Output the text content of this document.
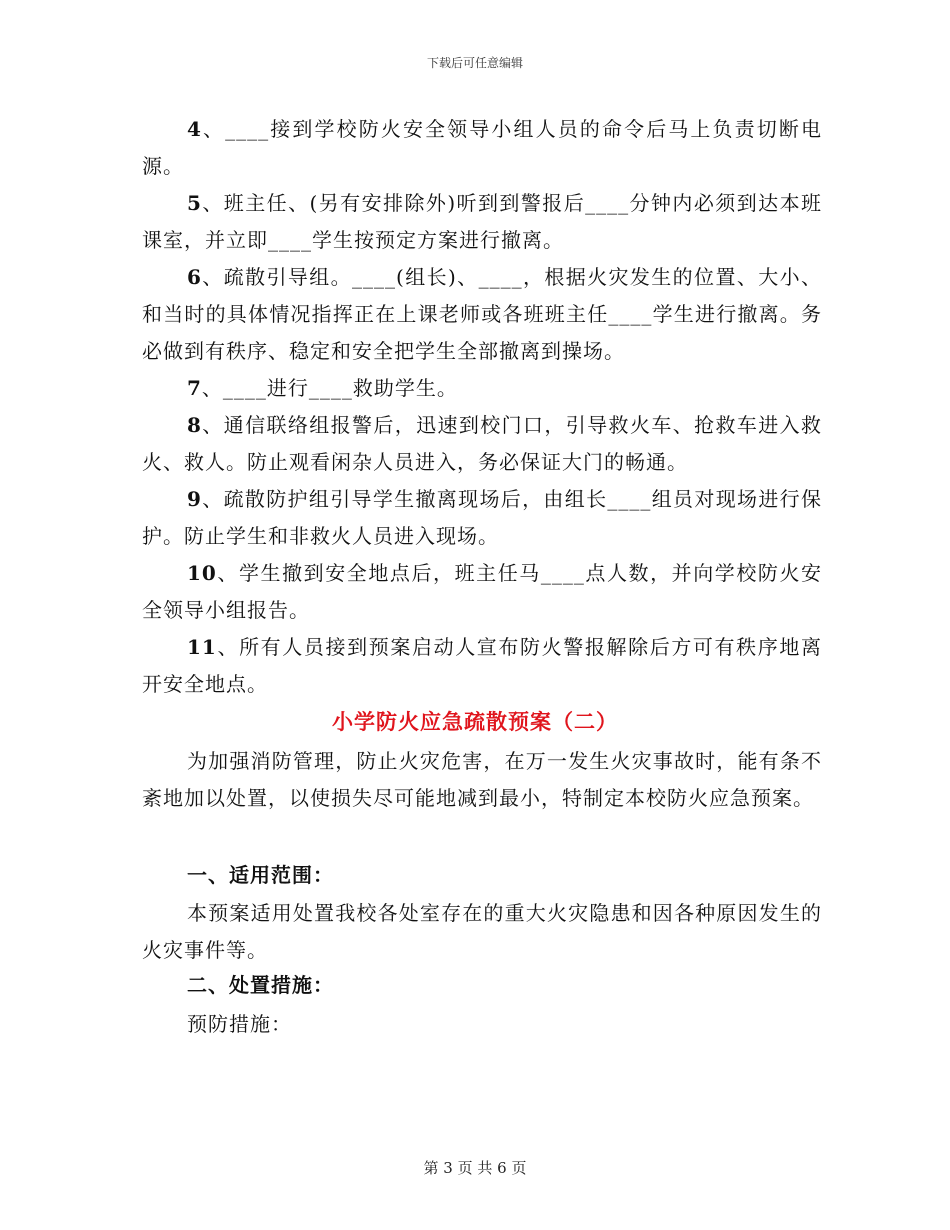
下载后可任意编辑
4、____接到学校防火安全领导小组人员的命令后马上负责切断电源。
5、班主任、(另有安排除外)听到到警报后____分钟内必须到达本班课室，并立即____学生按预定方案进行撤离。
6、疏散引导组。____(组长)、____，根据火灾发生的位置、大小、和当时的具体情况指挥正在上课老师或各班班主任____学生进行撤离。务必做到有秩序、稳定和安全把学生全部撤离到操场。
7、____进行____救助学生。
8、通信联络组报警后，迅速到校门口，引导救火车、抢救车进入救火、救人。防止观看闲杂人员进入，务必保证大门的畅通。
9、疏散防护组引导学生撤离现场后，由组长____组员对现场进行保护。防止学生和非救火人员进入现场。
10、学生撤到安全地点后，班主任马____点人数，并向学校防火安全领导小组报告。
11、所有人员接到预案启动人宣布防火警报解除后方可有秩序地离开安全地点。
小学防火应急疏散预案（二）
为加强消防管理，防止火灾危害，在万一发生火灾事故时，能有条不紊地加以处置，以使损失尽可能地减到最小，特制定本校防火应急预案。
一、适用范围：
本预案适用处置我校各处室存在的重大火灾隐患和因各种原因发生的火灾事件等。
二、处置措施：
预防措施：
第 3 页 共 6 页
